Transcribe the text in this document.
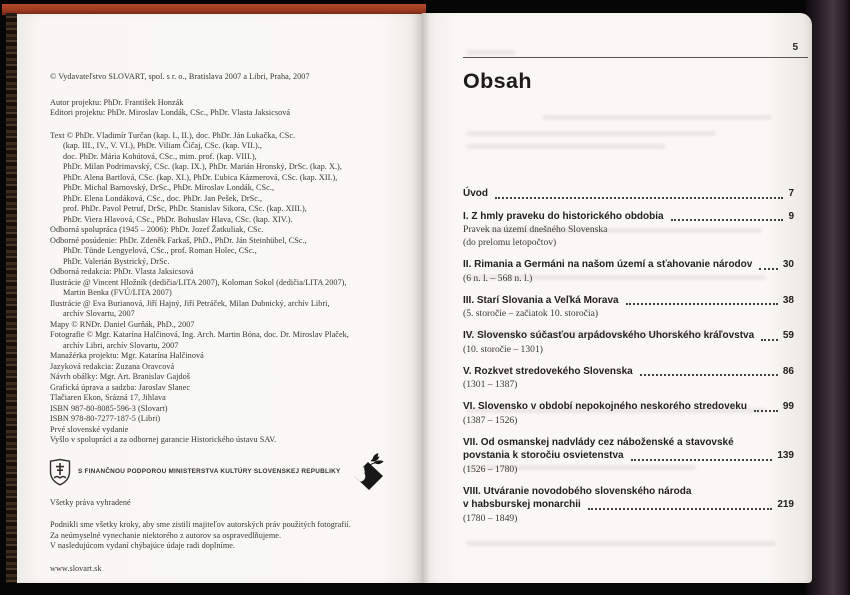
© Vydavateľstvo SLOVART, spol. s r. o., Bratislava 2007 a Libri, Praha, 2007
Autor projektu: PhDr. František Honzák
Editori projektu: PhDr. Miroslav Londák, CSc., PhDr. Vlasta Jaksicsová
Text © PhDr. Vladimír Turčan (kap. I., II.), doc. PhDr. Ján Lukačka, CSc.
(kap. III., IV., V. VI.), PhDr. Viliam Čičaj, CSc. (kap. VII.).,
doc. PhDr. Mária Kohútová, CSc., mim. prof. (kap. VIII.),
PhDr. Milan Podrimavský, CSc. (kap. IX.), PhDr. Marián Hronský, DrSc. (kap. X.),
PhDr. Alena Bartlová, CSc. (kap. XI.), PhDr. Ľubica Kázmerová, CSc. (kap. XII.),
PhDr. Michal Barnovský, DrSc., PhDr. Miroslav Londák, CSc.,
PhDr. Elena Londáková, CSc., doc. PhDr. Jan Pešek, DrSc.,
prof. PhDr. Pavol Petruf, DrSc, PhDr. Stanislav Sikora, CSc. (kap. XIII.),
PhDr. Viera Hlavová, CSc., PhDr. Bohuslav Hlava, CSc. (kap. XIV.).
Odborná spolupráca (1945 – 2006): PhDr. Jozef Žatkuliak, CSc.
Odborné posúdenie: PhDr. Zdeněk Farkaš, PhD., PhDr. Ján Steinhübel, CSc.,
PhDr. Tünde Lengyelová, CSc., prof. Roman Holec, CSc.,
PhDr. Valerián Bystrický, DrSc.
Odborná redakcia: PhDr. Vlasta Jaksicsová
Ilustrácie @ Vincent Hložník (dedičia/LITA 2007), Koloman Sokol (dedičia/LITA 2007),
Martin Benka (FVÚ/LITA 2007)
Ilustrácie @ Eva Burianová, Jiří Hajný, Jiří Petráček, Milan Dubnický, archív Libri,
archív Slovartu, 2007
Mapy © RNDr. Daniel Gurňák, PhD., 2007
Fotografie © Mgr. Katarína Halčinová, Ing. Arch. Martin Bóna, doc. Dr. Miroslav Plaček,
archív Libri, archív Slovartu, 2007
Manažérka projektu: Mgr. Katarína Halčinová
Jazyková redakcia: Zuzana Oravcová
Návrh obálky: Mgr. Art. Branislav Gajdoš
Grafická úprava a sadzba: Jaroslav Slanec
Tlačiaren Ekon, Srázná 17, Jihlava
ISBN 987-80-8085-596-3 (Slovart)
ISBN 978-80-7277-187-5 (Libri)
Prvé slovenské vydanie
Vyšlo v spolupráci a za odbornej garancie Historického ústavu SAV.
S FINANČNOU PODPOROU MINISTERSTVA KULTÚRY SLOVENSKEJ REPUBLIKY
Všetky práva vyhradené
Podnikli sme všetky kroky, aby sme zistili majiteľov autorských práv použitých fotografií.
Za neúmyselné vynechanie niektorého z autorov sa ospravedlňujeme.
V nasledujúcom vydaní chýbajúce údaje radi doplníme.
www.slovart.sk
5
Obsah
Úvod	7
I. Z hmly praveku do historického obdobia	9
Pravek na území dnešného Slovenska
(do prelomu letopočtov)
II. Rimania a Germáni na našom území a sťahovanie národov	30
(6 n. l. – 568 n. l.)
III. Starí Slovania a Veľká Morava	38
(5. storočie – začiatok 10. storočia)
IV. Slovensko súčasťou arpádovského Uhorského kráľovstva	59
(10. storočie – 1301)
V. Rozkvet stredovekého Slovenska	86
(1301 – 1387)
VI. Slovensko v období nepokojného neskorého stredoveku	99
(1387 – 1526)
VII. Od osmanskej nadvlády cez náboženské a stavovské
povstania k storočiu osvietenstva	139
(1526 – 1780)
VIII. Utváranie novodobého slovenského národa
v habsburskej monarchii	219
(1780 – 1849)
